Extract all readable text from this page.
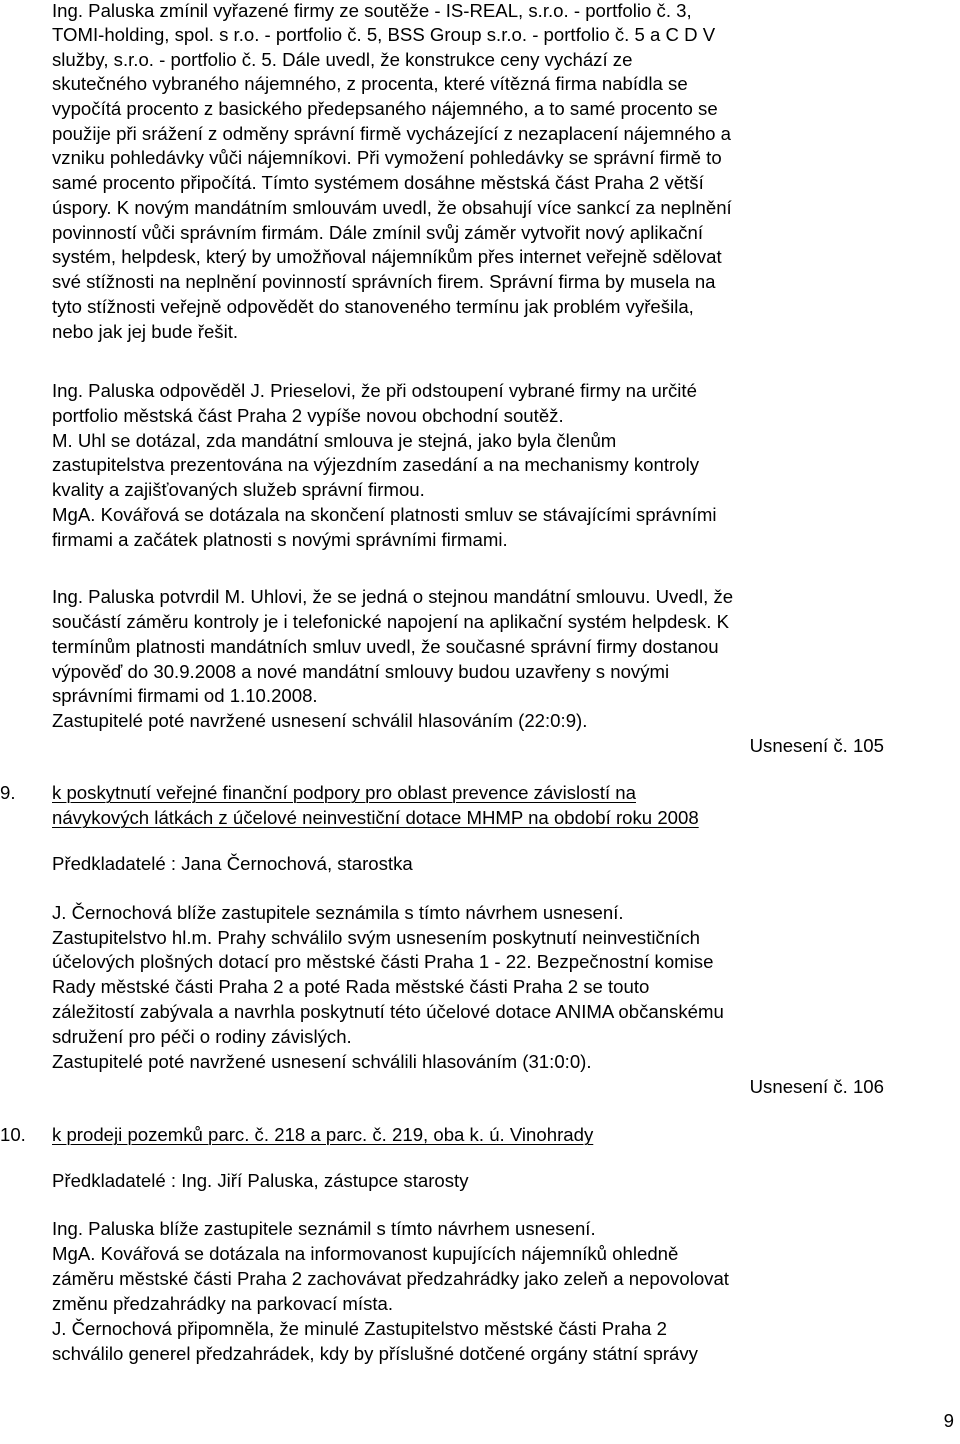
Ing. Paluska zmínil vyřazené firmy ze soutěže - IS-REAL, s.r.o. - portfolio č. 3,
TOMI-holding, spol. s r.o. - portfolio č. 5, BSS Group s.r.o. - portfolio č. 5 a C D V
služby, s.r.o. - portfolio č. 5. Dále uvedl, že konstrukce ceny vychází ze
skutečného vybraného nájemného, z procenta, které vítězná firma nabídla se
vypočítá procento z basického předepsaného nájemného, a to samé procento se
použije při srážení z odměny správní firmě vycházející z nezaplacení nájemného a
vzniku pohledávky vůči nájemníkovi. Při vymožení pohledávky se správní firmě to
samé procento připočítá. Tímto systémem dosáhne městská část Praha 2 větší
úspory. K novým mandátním smlouvám uvedl, že obsahují více sankcí za neplnění
povinností vůči správním firmám. Dále zmínil svůj záměr vytvořit nový aplikační
systém, helpdesk, který by umožňoval nájemníkům přes internet veřejně sdělovat
své stížnosti na neplnění povinností správních firem. Správní firma by musela na
tyto stížnosti veřejně odpovědět do stanoveného termínu jak problém vyřešila,
nebo jak jej bude řešit.
Ing. Paluska odpověděl J. Prieselovi, že při odstoupení vybrané firmy na určité
portfolio městská část Praha 2 vypíše novou obchodní soutěž.
M. Uhl se dotázal, zda mandátní smlouva je stejná, jako byla členům
zastupitelstva prezentována na výjezdním zasedání a na mechanismy kontroly
kvality a zajišťovaných služeb správní firmou.
MgA. Kovářová se dotázala na skončení platnosti smluv se stávajícími správními
firmami a začátek platnosti s novými správními firmami.
Ing. Paluska potvrdil M. Uhlovi, že se jedná o stejnou mandátní smlouvu. Uvedl, že
součástí záměru kontroly je i telefonické napojení na aplikační systém helpdesk. K
termínům platnosti mandátních smluv uvedl, že současné správní firmy dostanou
výpověď do 30.9.2008 a nové mandátní smlouvy budou uzavřeny s novými
správními firmami od 1.10.2008.
Zastupitelé poté navržené usnesení schválil hlasováním (22:0:9).
Usnesení č. 105
9. k poskytnutí veřejné finanční podpory pro oblast prevence závislostí na
návykových látkách z účelové neinvestiční dotace MHMP na období roku 2008
Předkladatelé : Jana Černochová, starostka
J. Černochová blíže zastupitele seznámila s tímto návrhem usnesení.
Zastupitelstvo hl.m. Prahy schválilo svým usnesením poskytnutí neinvestičních
účelových plošných dotací pro městské části Praha 1 - 22. Bezpečnostní komise
Rady městské části Praha 2 a poté Rada městské části Praha 2 se touto
záležitostí zabývala a navrhla poskytnutí této účelové dotace ANIMA občanskému
sdružení pro péči o rodiny závislých.
Zastupitelé poté navržené usnesení schválili hlasováním (31:0:0).
Usnesení č. 106
10. k prodeji pozemků parc. č. 218 a parc. č. 219, oba k. ú. Vinohrady
Předkladatelé : Ing. Jiří Paluska, zástupce starosty
Ing. Paluska blíže zastupitele seznámil s tímto návrhem usnesení.
MgA. Kovářová se dotázala na informovanost kupujících nájemníků ohledně
záměru městské části Praha 2 zachovávat předzahrádky jako zeleň a nepovolovat
změnu předzahrádky na parkovací místa.
J. Černochová připomněla, že minulé Zastupitelstvo městské části Praha 2
schválilo generel předzahrádek, kdy by příslušné dotčené orgány státní správy
9
